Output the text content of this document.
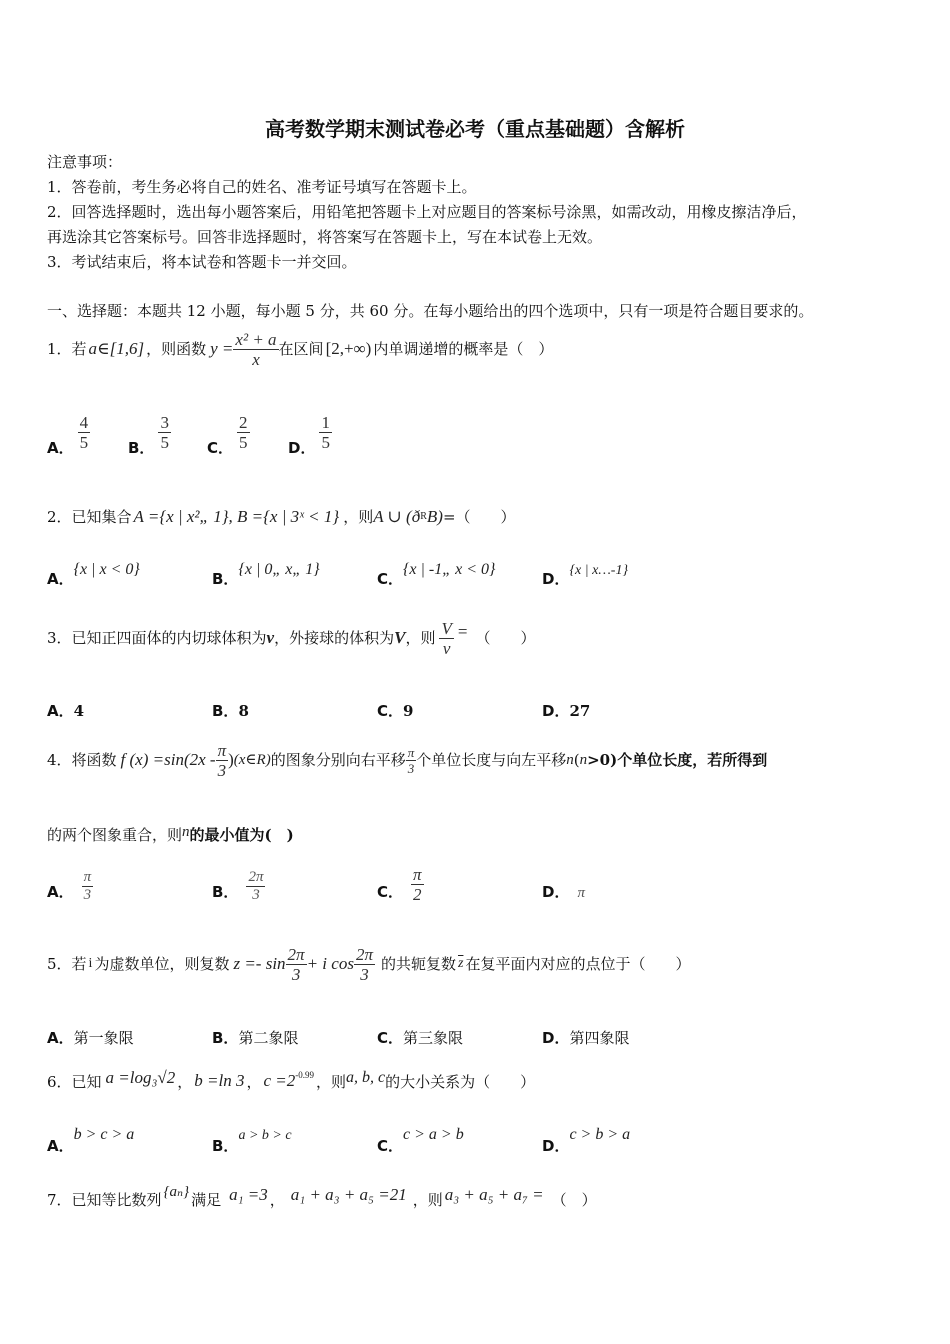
高考数学期末测试卷必考（重点基础题）含解析
注意事项：
1．答卷前，考生务必将自己的姓名、准考证号填写在答题卡上。
2．回答选择题时，选出每小题答案后，用铅笔把答题卡上对应题目的答案标号涂黑，如需改动，用橡皮擦洁净后，
再选涂其它答案标号。回答非选择题时，将答案写在答题卡上，写在本试卷上无效。
3．考试结束后，将本试卷和答题卡一并交回。
一、选择题：本题共 12 小题，每小题 5 分，共 60 分。在每小题给出的四个选项中，只有一项是符合题目要求的。
1．若 a∈[1,6] ，则函数 $y = \frac{\text{x² + a}}{x}$ 在区间 [2,+∞) 内单调递增的概率是（　）
A． $\frac{4}{5}$	B． $\frac{3}{5}$ C． $\frac{2}{5}$	D． $\frac{1}{5}$
2．已知集合 A ={x | x²„ 1} , B ={x | 3ˣ < 1} ，则 A ∪ (ð R B) =（　　）
A．
{x | x < 0}
B．
{x | 0„ x„ 1}
C．
{x | -1„ x < 0}
D． {x | x…-1}
3．已知正四面体的内切球体积为 v ，外接球的体积为 V ，则 $\frac{V}{v}$ = （　　）
A．4	B．8	C．9	D．27
4．将函数 f $(x) =\sin(2x - \frac{\pi}{3}$ ) (x∈R) 的图象分别向右平移 $\frac{\pi}{3}$ 个单位长度与向左平移 n ( n >0)个单位长度，若所得到
的两个图象重合，则 n 的最小值为(　)
A． $\frac{\pi}{3}$	B． $\frac{2\pi}{3}$	C． $\frac{\pi}{2}$	D． π
5．若 i 为虚数单位，则复数 $z =- \sin \frac{2\pi}{3} + i$ $\cos \frac{2\pi}{3}$ 的共轭复数 $\overline{z}$ 在复平面内对应的点位于（　　）
A．第一象限	B．第二象限	C．第三象限	D．第四象限
6．已知 a =log₃√2 ， b =ln 3 ， $c =2^{-0.99}$ ，则 a, b, c 的大小关系为（　　）
A．
b > c > a
B．
a > b > c
C．
c > a > b
D．
c > b > a
7．已知等比数列 {aₙ} 满足 a₁ =3 ， a₁ + a₃ + a₅ =21 ，则 a₃ + a₅ + a₇ = （　）
